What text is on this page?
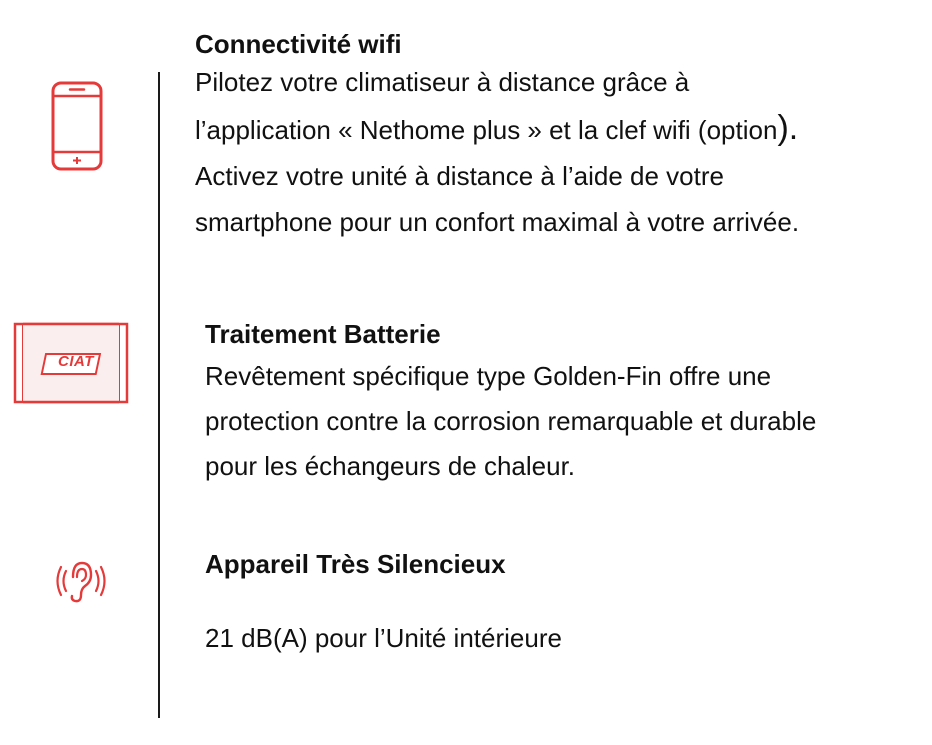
CIAT
Connectivité wifi
Pilotez votre climatiseur à distance grâce à
l’application « Nethome plus » et la clef wifi (option).
Activez votre unité à distance à l’aide de votre
smartphone pour un confort maximal à votre arrivée.
Traitement Batterie
Revêtement spécifique type Golden-Fin offre une
protection contre la corrosion remarquable et durable
pour les échangeurs de chaleur.
Appareil Très Silencieux
21 dB(A) pour l’Unité intérieure
